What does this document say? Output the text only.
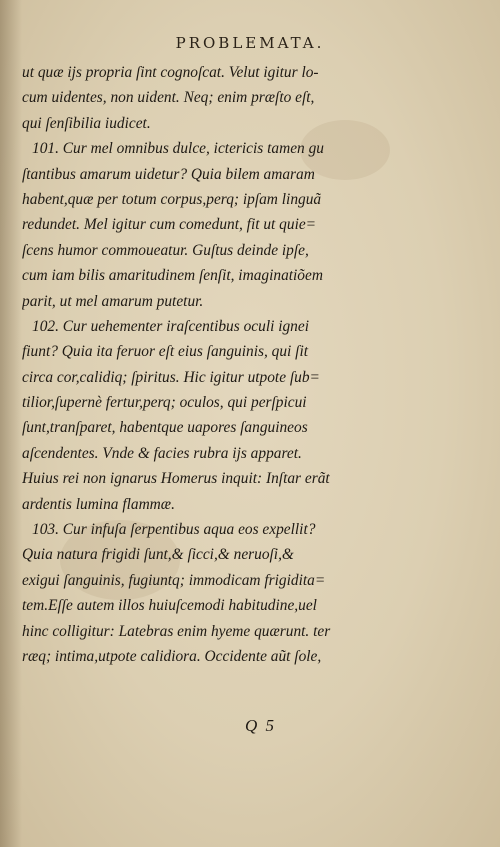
PROBLEMATA.
ut quæ ijs propria ſint cognoſcat. Velut igitur lo-
cum uidentes, non uident. Neq; enim præſto eſt,
qui ſenſibilia iudicet.
101. Cur mel omnibus dulce, ictericis tamen gu
ſtantibus amarum uidetur? Quia bilem amaram
habent,quæ per totum corpus,perq; ipſam linguã
redundet. Mel igitur cum comedunt, fit ut quie=
ſcens humor commoueatur. Guſtus deinde ipſe,
cum iam bilis amaritudinem ſenſit, imaginatiõem
parit, ut mel amarum putetur.
102. Cur uehementer iraſcentibus oculi ignei
fiunt? Quia ita feruor eſt eius ſanguinis, qui ſit
circa cor,calidiq; ſpiritus. Hic igitur utpote ſub=
tilior,ſupernè fertur,perq; oculos, qui perſpicui
ſunt,tranſparet, habentque uapores ſanguineos
aſcendentes. Vnde & facies rubra ijs apparet.
Huius rei non ignarus Homerus inquit: Inſtar erãt
ardentis lumina flammæ.
103. Cur infuſa ſerpentibus aqua eos expellit?
Quia natura frigidi ſunt,& ſicci,& neruoſi,&
exigui ſanguinis, fugiuntq; immodicam frigidita=
tem.Eſſe autem illos huiuſcemodi habitudine,uel
hinc colligitur: Latebras enim hyeme quærunt. ter
ræq; intima,utpote calidiora. Occidente aũt ſole,
Q 5
